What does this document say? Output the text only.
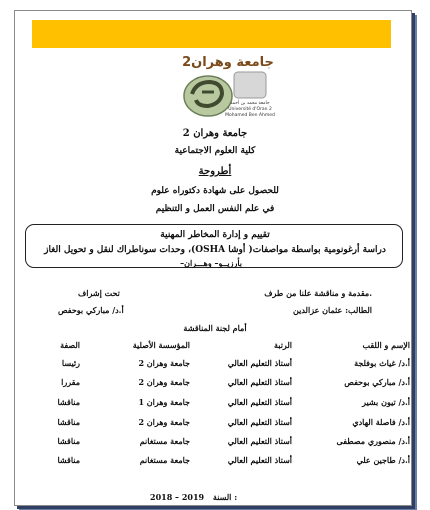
جامعة وهران2
جامعة محمد بن أحمد
Université d'Oran 2
Mohamed Ben Ahmed
جامعة وهران 2
كلية العلوم الاجتماعية
أطروحة
للحصول على شهادة دكتوراه علوم
في علم النفس العمل و التنظيم
تقييم و إدارة المخاطر المهنية
دراسة أرغونومية بواسطة مواصفات( أوشا OSHA)، وحدات سوناطراك لنقل و تحويل الغاز
بأرزيــو– وهـــران–
.مقدمة و مناقشة علنا من طرف
تحت إشراف
الطالب: عثمان عزالدين
أ.د/ مباركي بوحفص
أمام لجنة المناقشة
الإسم و اللقب
الرتبة
المؤسسة الأصلية
الصفة
أ.د/ غياث بوفلجة
أستاذ التعليم العالي
جامعة وهران 2
رئيسا
أ.د/ مباركي بوحفص
أستاذ التعليم العالي
جامعة وهران 2
مقررا
أ.د/ تيون بشير
أستاذ التعليم العالي
جامعة وهران 1
مناقشا
أ.د/ فاصلة الهادي
أستاذ التعليم العالي
جامعة وهران 2
مناقشا
أ.د/ منصوري مصطفى
أستاذ التعليم العالي
جامعة مستغانم
مناقشا
أ.د/ طاجين علي
أستاذ التعليم العالي
جامعة مستغانم
مناقشا
2018 – 2019 السنة :
